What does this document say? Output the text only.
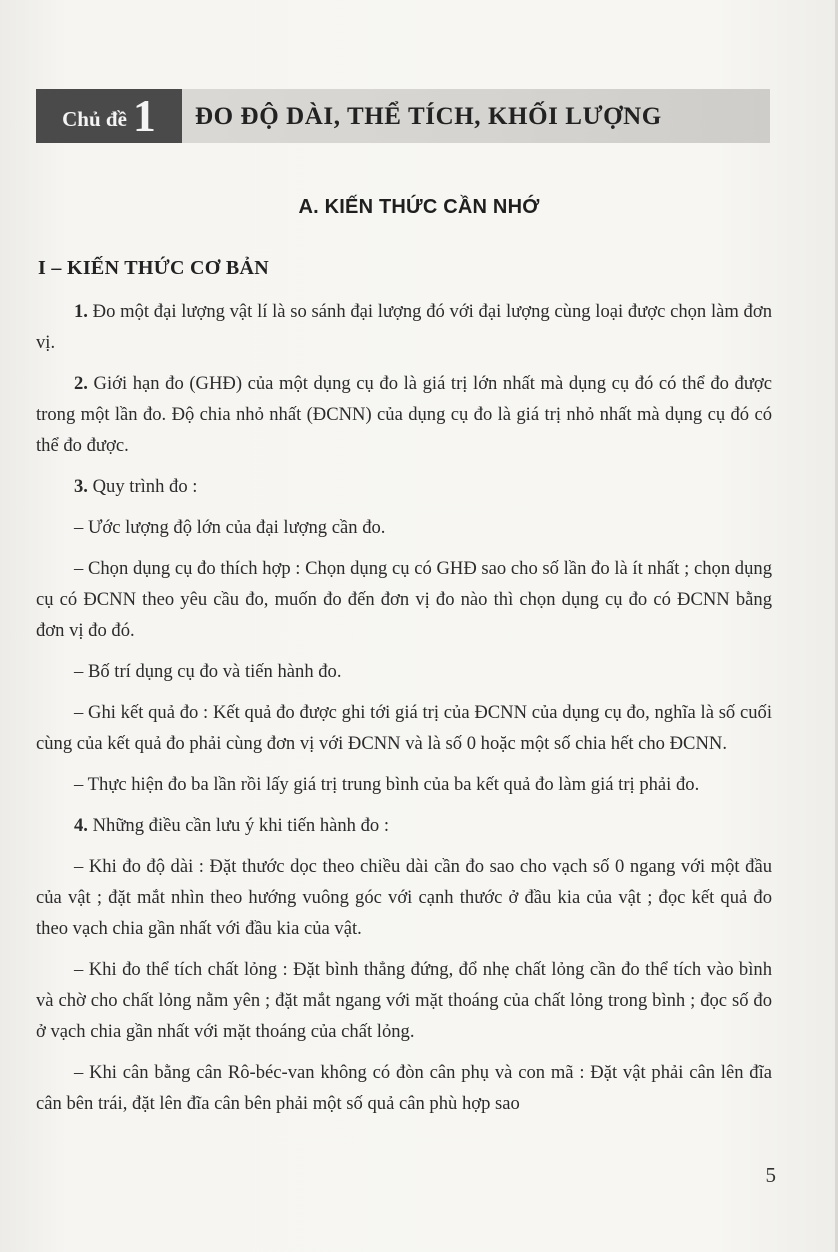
Chủ đề 1 ĐO ĐỘ DÀI, THỂ TÍCH, KHỐI LƯỢNG
A. KIẾN THỨC CẦN NHỚ
I – KIẾN THỨC CƠ BẢN

1. Đo một đại lượng vật lí là so sánh đại lượng đó với đại lượng cùng loại được chọn làm đơn vị.

2. Giới hạn đo (GHĐ) của một dụng cụ đo là giá trị lớn nhất mà dụng cụ đó có thể đo được trong một lần đo. Độ chia nhỏ nhất (ĐCNN) của dụng cụ đo là giá trị nhỏ nhất mà dụng cụ đó có thể đo được.

3. Quy trình đo :

– Ước lượng độ lớn của đại lượng cần đo.

– Chọn dụng cụ đo thích hợp : Chọn dụng cụ có GHĐ sao cho số lần đo là ít nhất ; chọn dụng cụ có ĐCNN theo yêu cầu đo, muốn đo đến đơn vị đo nào thì chọn dụng cụ đo có ĐCNN bằng đơn vị đo đó.

– Bố trí dụng cụ đo và tiến hành đo.

– Ghi kết quả đo : Kết quả đo được ghi tới giá trị của ĐCNN của dụng cụ đo, nghĩa là số cuối cùng của kết quả đo phải cùng đơn vị với ĐCNN và là số 0 hoặc một số chia hết cho ĐCNN.

– Thực hiện đo ba lần rồi lấy giá trị trung bình của ba kết quả đo làm giá trị phải đo.

4. Những điều cần lưu ý khi tiến hành đo :

– Khi đo độ dài : Đặt thước dọc theo chiều dài cần đo sao cho vạch số 0 ngang với một đầu của vật ; đặt mắt nhìn theo hướng vuông góc với cạnh thước ở đầu kia của vật ; đọc kết quả đo theo vạch chia gần nhất với đầu kia của vật.

– Khi đo thể tích chất lỏng : Đặt bình thẳng đứng, đổ nhẹ chất lỏng cần đo thể tích vào bình và chờ cho chất lỏng nằm yên ; đặt mắt ngang với mặt thoáng của chất lỏng trong bình ; đọc số đo ở vạch chia gần nhất với mặt thoáng của chất lỏng.

– Khi cân bằng cân Rô-béc-van không có đòn cân phụ và con mã : Đặt vật phải cân lên đĩa cân bên trái, đặt lên đĩa cân bên phải một số quả cân phù hợp sao

5
